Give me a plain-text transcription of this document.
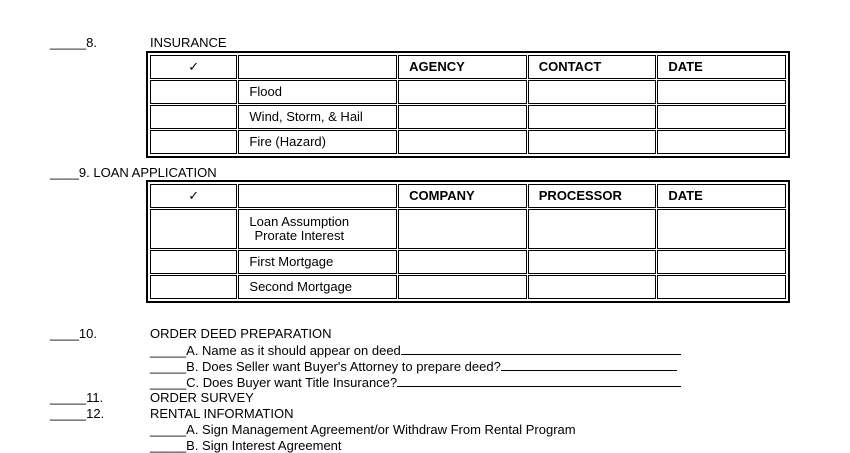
_____8.	INSURANCE
✓		AGENCY	CONTACT	DATE
	Flood			
	Wind, Storm, & Hail			
	Fire (Hazard)			
____9. LOAN APPLICATION
✓		COMPANY	PROCESSOR	DATE
	Loan Assumption
Prorate Interest			
	First Mortgage			
	Second Mortgage			
____10.	ORDER DEED PREPARATION
_____A. Name as it should appear on deed
_____B. Does Seller want Buyer's Attorney to prepare deed?
_____C. Does Buyer want Title Insurance?
_____11.	ORDER SURVEY
_____12.	RENTAL INFORMATION
_____A. Sign Management Agreement/or Withdraw From Rental Program
_____B. Sign Interest Agreement
